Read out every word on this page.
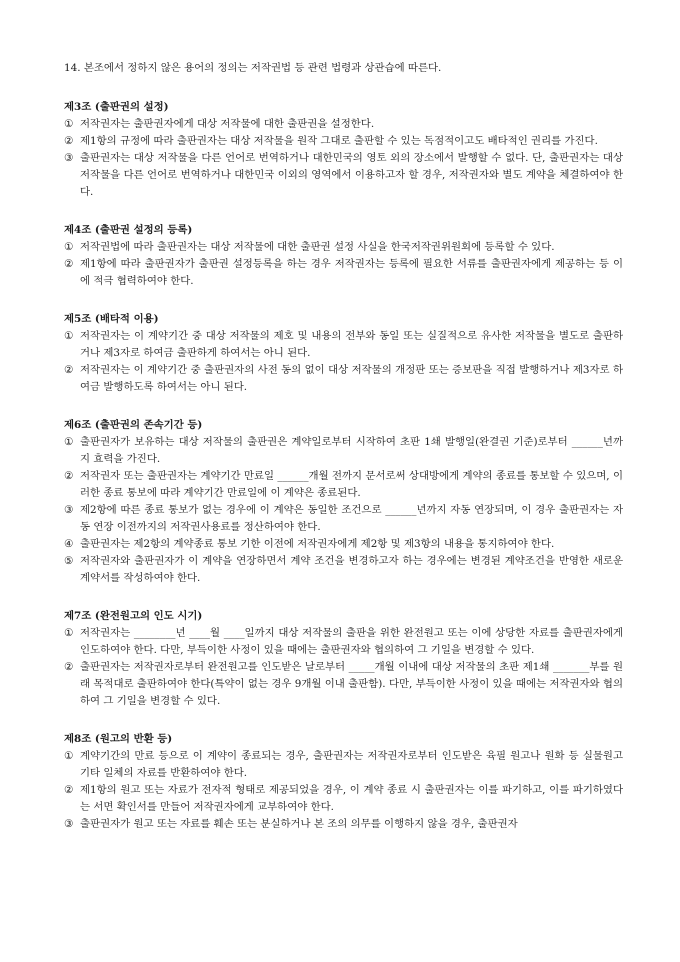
14. 본조에서 정하지 않은 용어의 정의는 저작권법 등 관련 법령과 상관습에 따른다.

제3조 (출판권의 설정)

① 저작권자는 출판권자에게 대상 저작물에 대한 출판권을 설정한다.

② 제1항의 규정에 따라 출판권자는 대상 저작물을 원작 그대로 출판할 수 있는 독점적이고도 배타적인 권리를 가진다.

③ 출판권자는 대상 저작물을 다른 언어로 번역하거나 대한민국의 영토 외의 장소에서 발행할 수 없다. 단, 출판권자는 대상 저작물을 다른 언어로 번역하거나 대한민국 이외의 영역에서 이용하고자 할 경우, 저작권자와 별도 계약을 체결하여야 한다.

제4조 (출판권 설정의 등록)

① 저작권법에 따라 출판권자는 대상 저작물에 대한 출판권 설정 사실을 한국저작권위원회에 등록할 수 있다.

② 제1항에 따라 출판권자가 출판권 설정등록을 하는 경우 저작권자는 등록에 필요한 서류를 출판권자에게 제공하는 등 이에 적극 협력하여야 한다.

제5조 (배타적 이용)

① 저작권자는 이 계약기간 중 대상 저작물의 제호 및 내용의 전부와 동일 또는 실질적으로 유사한 저작물을 별도로 출판하거나 제3자로 하여금 출판하게 하여서는 아니 된다.

② 저작권자는 이 계약기간 중 출판권자의 사전 동의 없이 대상 저작물의 개정판 또는 증보판을 직접 발행하거나 제3자로 하여금 발행하도록 하여서는 아니 된다.

제6조 (출판권의 존속기간 등)

① 출판권자가 보유하는 대상 저작물의 출판권은 계약일로부터 시작하여 초판 1쇄 발행일(완결권 기준)로부터 ______년까지 효력을 가진다.

② 저작권자 또는 출판권자는 계약기간 만료일 ______개월 전까지 문서로써 상대방에게 계약의 종료를 통보할 수 있으며, 이러한 종료 통보에 따라 계약기간 만료일에 이 계약은 종료된다.

③ 제2항에 따른 종료 통보가 없는 경우에 이 계약은 동일한 조건으로 ______년까지 자동 연장되며, 이 경우 출판권자는 자동 연장 이전까지의 저작권사용료를 정산하여야 한다.

④ 출판권자는 제2항의 계약종료 통보 기한 이전에 저작권자에게 제2항 및 제3항의 내용을 통지하여야 한다.

⑤ 저작권자와 출판권자가 이 계약을 연장하면서 계약 조건을 변경하고자 하는 경우에는 변경된 계약조건을 반영한 새로운 계약서를 작성하여야 한다.

제7조 (완전원고의 인도 시기)

① 저작권자는 ________년 ____월 ____일까지 대상 저작물의 출판을 위한 완전원고 또는 이에 상당한 자료를 출판권자에게 인도하여야 한다. 다만, 부득이한 사정이 있을 때에는 출판권자와 협의하여 그 기일을 변경할 수 있다.

② 출판권자는 저작권자로부터 완전원고를 인도받은 날로부터 _____개월 이내에 대상 저작물의 초판 제1쇄 _______부를 원래 목적대로 출판하여야 한다(특약이 없는 경우 9개월 이내 출판함). 다만, 부득이한 사정이 있을 때에는 저작권자와 협의하여 그 기일을 변경할 수 있다.

제8조 (원고의 반환 등)

① 계약기간의 만료 등으로 이 계약이 종료되는 경우, 출판권자는 저작권자로부터 인도받은 육필 원고나 원화 등 실물원고 기타 일체의 자료를 반환하여야 한다.

② 제1항의 원고 또는 자료가 전자적 형태로 제공되었을 경우, 이 계약 종료 시 출판권자는 이를 파기하고, 이를 파기하였다는 서면 확인서를 만들어 저작권자에게 교부하여야 한다.

③ 출판권자가 원고 또는 자료를 훼손 또는 분실하거나 본 조의 의무를 이행하지 않을 경우, 출판권자
